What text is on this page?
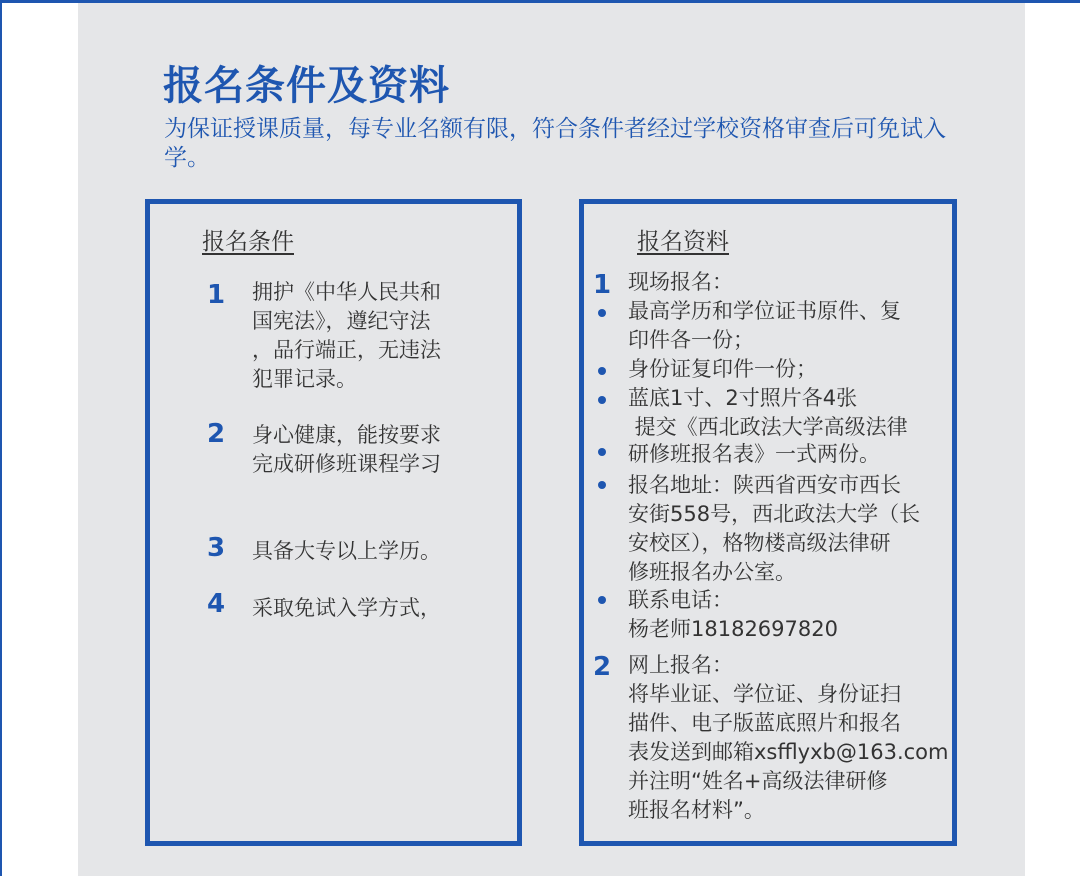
报名条件及资料

为保证授课质量，每专业名额有限，符合条件者经过学校资格审查后可免试入学。

报名条件
1 拥护《中华人民共和
国宪法》，遵纪守法
，品行端正，无违法
犯罪记录。

2 身心健康，能按要求
完成研修班课程学习

3 具备大专以上学历。

4 采取免试入学方式，

报名资料
1 现场报名：

最高学历和学位证书原件、复
印件各一份；

身份证复印件一份；

蓝底1寸、2寸照片各4张

提交《西北政法大学高级法律

研修班报名表》一式两份。

报名地址：陕西省西安市西长
安街558号，西北政法大学（长
安校区），格物楼高级法律研
修班报名办公室。

联系电话：
杨老师18182697820

2 网上报名：

将毕业证、学位证、身份证扫
描件、电子版蓝底照片和报名
表发送到邮箱xsfflyxb@163.com
并注明“姓名+高级法律研修
班报名材料”。
